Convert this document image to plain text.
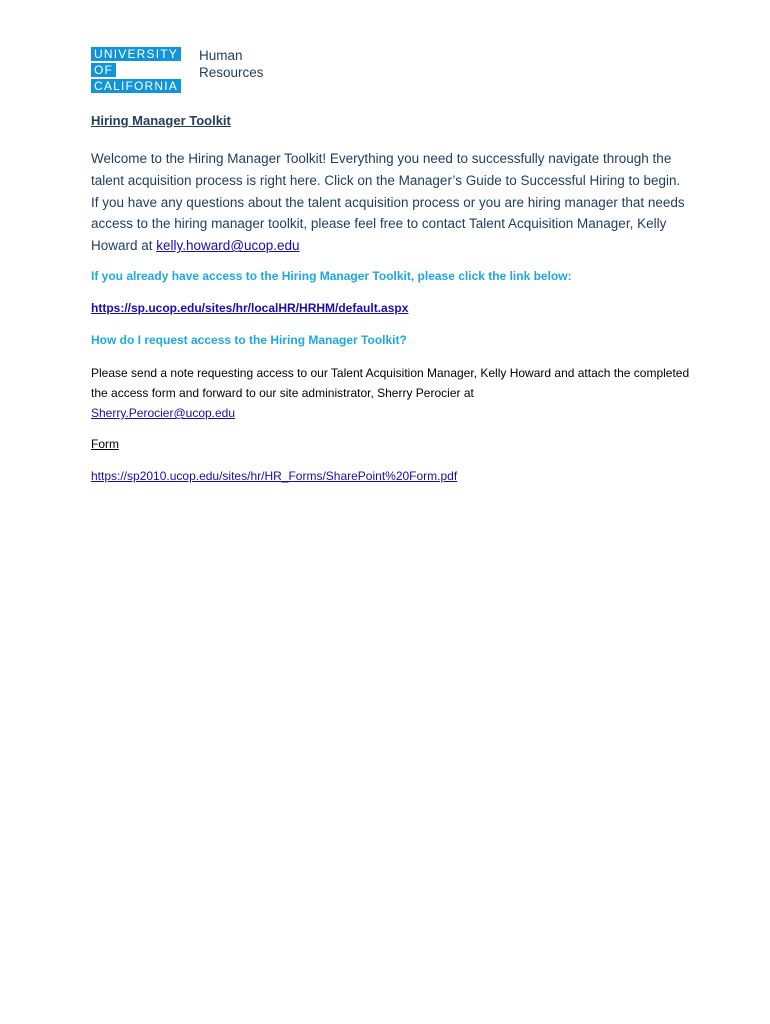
UNIVERSITY
OF
CALIFORNIA
Human
Resources
Hiring Manager Toolkit

Welcome to the Hiring Manager Toolkit! Everything you need to successfully navigate through the talent acquisition process is right here. Click on the Manager’s Guide to Successful Hiring to begin. If you have any questions about the talent acquisition process or you are hiring manager that needs access to the hiring manager toolkit, please feel free to contact Talent Acquisition Manager, Kelly Howard at kelly.howard@ucop.edu

If you already have access to the Hiring Manager Toolkit, please click the link below:
https://sp.ucop.edu/sites/hr/localHR/HRHM/default.aspx
How do I request access to the Hiring Manager Toolkit?

Please send a note requesting access to our Talent Acquisition Manager, Kelly Howard and attach the completed the access form and forward to our site administrator, Sherry Perocier at
Sherry.Perocier@ucop.edu

Form
https://sp2010.ucop.edu/sites/hr/HR_Forms/SharePoint%20Form.pdf
